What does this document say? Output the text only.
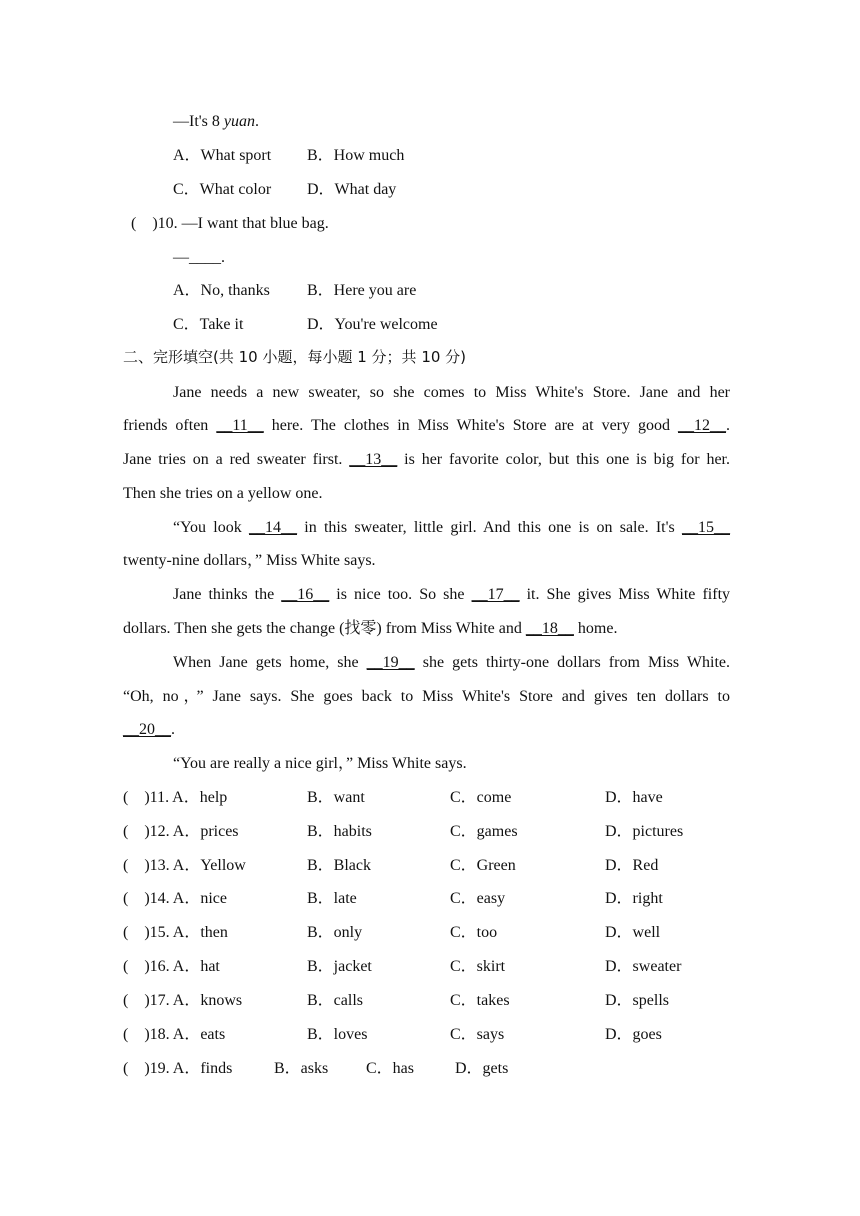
—It's 8 yuan.
A．What sport B．How much
C．What color D．What day
(    )10. —I want that blue bag.
—____.
A．No, thanks B．Here you are
C．Take it	D．You're welcome
二、完形填空(共 10 小题，每小题 1 分；共 10 分)
Jane needs a new sweater, so she comes to Miss White's Store. Jane and her
friends often __11__ here. The clothes in Miss White's Store are at very good __12__.
Jane tries on a red sweater first. __13__ is her favorite color, but this one is big for her.
Then she tries on a yellow one.
“You look __14__ in this sweater, little girl. And this one is on sale. It's __15__
twenty-nine dollars，” Miss White says.
Jane thinks the __16__ is nice too. So she __17__ it. She gives Miss White fifty
dollars. Then she gets the change (找零) from Miss White and __18__ home.
When Jane gets home, she __19__ she gets thirty-one dollars from Miss White.
“Oh, no，” Jane says. She goes back to Miss White's Store and gives ten dollars to
__20__.
“You are really a nice girl，” Miss White says.
(    )11. A．help	B．want	C．come	D．have
(    )12. A．prices	B．habits	C．games	D．pictures
(    )13. A．Yellow	B．Black	C．Green	D．Red
(    )14. A．nice	B．late	C．easy	D．right
(    )15. A．then	B．only	C．too	D．well
(    )16. A．hat	B．jacket	C．skirt	D．sweater
(    )17. A．knows	B．calls	C．takes	D．spells
(    )18. A．eats	B．loves	C．says	D．goes
(    )19. A．finds	B．asks C．has	D．gets
